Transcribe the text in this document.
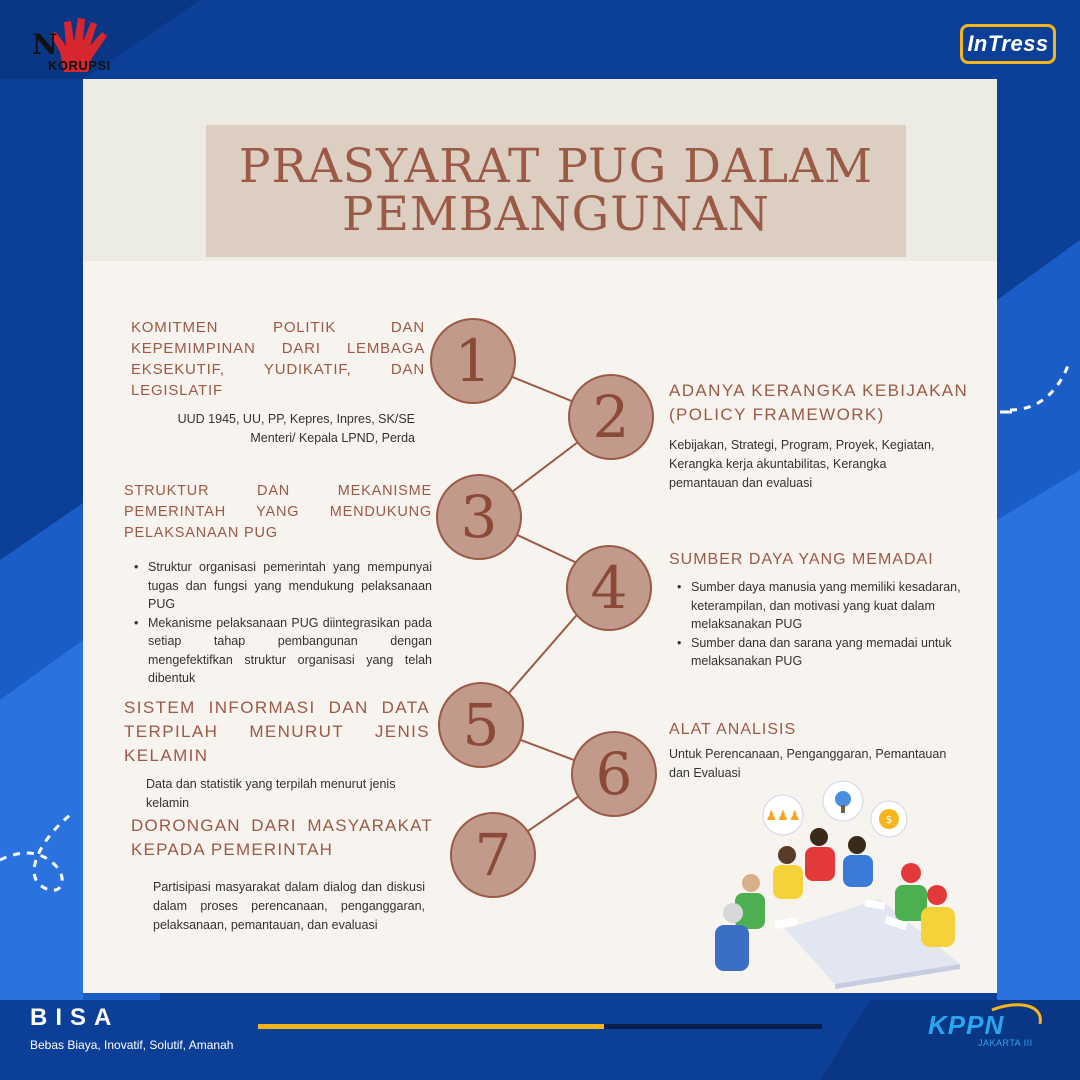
N
KORUPSI
InTress
PRASYARAT PUG DALAM
PEMBANGUNAN
1
2
3
4
5
6
7
KOMITMEN POLITIK DAN KEPEMIMPINAN DARI LEMBAGA EKSEKUTIF, YUDIKATIF, DAN LEGISLATIF
UUD 1945, UU, PP, Kepres, Inpres, SK/SE Menteri/ Kepala LPND, Perda
ADANYA KERANGKA KEBIJAKAN
(POLICY FRAMEWORK)
Kebijakan, Strategi, Program, Proyek, Kegiatan, Kerangka kerja akuntabilitas, Kerangka pemantauan dan evaluasi
STRUKTUR DAN MEKANISME PEMERINTAH YANG MENDUKUNG PELAKSANAAN PUG
• Struktur organisasi pemerintah yang mempunyai tugas dan fungsi yang mendukung pelaksanaan PUG
• Mekanisme pelaksanaan PUG diintegrasikan pada setiap tahap pembangunan dengan mengefektifkan struktur organisasi yang telah dibentuk
SUMBER DAYA YANG MEMADAI
• Sumber daya manusia yang memiliki kesadaran, keterampilan, dan motivasi yang kuat dalam melaksanakan PUG
• Sumber dana dan sarana yang memadai untuk melaksanakan PUG
SISTEM INFORMASI DAN DATA TERPILAH MENURUT JENIS KELAMIN
Data dan statistik yang terpilah menurut jenis kelamin
ALAT ANALISIS
Untuk Perencanaan, Penganggaran, Pemantauan dan Evaluasi
DORONGAN DARI MASYARAKAT KEPADA PEMERINTAH
Partisipasi masyarakat dalam dialog dan diskusi dalam proses perencanaan, penganggaran, pelaksanaan, pemantauan, dan evaluasi
♟♟♟	$
BISA
Bebas Biaya, Inovatif, Solutif, Amanah
KPPN
JAKARTA III
